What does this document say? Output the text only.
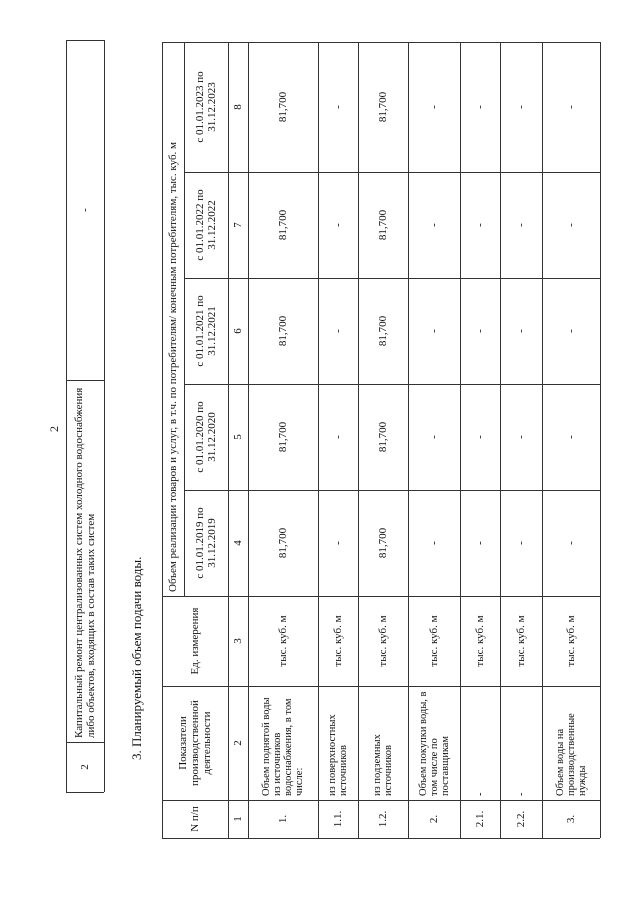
2
2
Капитальный ремонт централизованных систем холодного водоснабжения либо объектов, входящих в состав таких систем
-
3. Планируемый объем подачи воды.
N п/п
Показатели производственной деятельности
Ед. измерения
Объем реализации товаров и услуг, в т.ч. по потребителям/ конечным потребителям, тыс. куб. м	с 01.01.2019 по 31.12.2019
с 01.01.2020 по 31.12.2020
с 01.01.2021 по 31.12.2021
с 01.01.2022 по 31.12.2022
с 01.01.2023 по 31.12.2023
1
2
3
4
5
6
7
8
1.
Объем поднятой воды из источников водоснабжения, в том числе:
тыс. куб. м
81,700
81,700
81,700
81,700
81,700
1.1.
из поверхностных источников
тыс. куб. м
-
-
-
-
-
1.2.
из подземных источников
тыс. куб. м
81,700
81,700
81,700
81,700
81,700
2.
Объем покупки воды, в том числе по поставщикам
тыс. куб. м
-
-
-
-
-
2.1.
-
тыс. куб. м
-
-
-
-
-
2.2.
-
тыс. куб. м
-
-
-
-
-
3.
Объем воды на производственные нужды
тыс. куб. м
-
-
-
-
-
